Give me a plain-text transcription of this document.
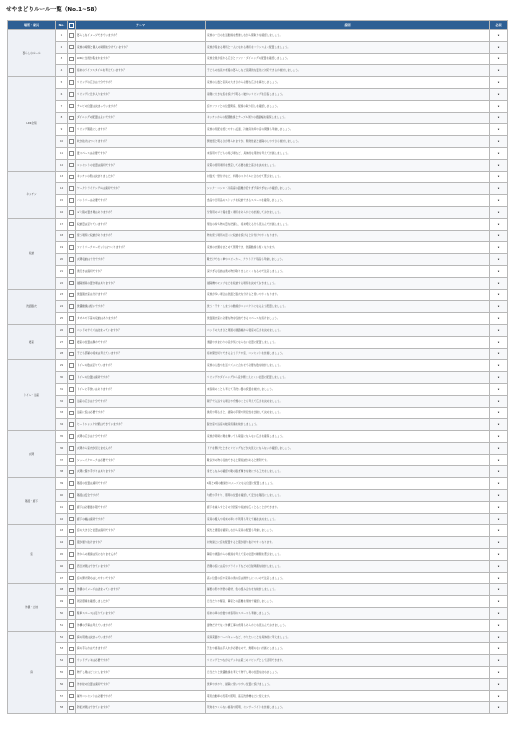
せやまどりルール一覧（No.1~58）
場所・家具	No.		テーマ	説明	必須
暮らしのルール	1		暮らしをイメージできていますか？	家族の一日の生活動線を想像しながら間取りを確認しましょう。	★
	2		家族の時間と個人の時間を分けていますか？	家族が集まる場所と一人になれる場所をバランスよく配置しましょう。	★
	3		LDKに全員が集まれますか？	家族全員が座れる広さとソファ・ダイニングの配置を確認しましょう。	★
	4		将来のライフスタイルを考えていますか？	子どもの成長や老後の暮らしなど長期的な変化に対応できるか検討しましょう。	★
LDK全般	5		リビングの広さは十分ですか？	家族の人数と家具の大きさから必要な広さを算出しましょう。	★
	6		リビングに日が入りますか？	南側に大きな窓を設けて明るく暖かいリビングを目指しましょう。	★
	7		テレビの位置は決まっていますか？	窓やソファとの位置関係、配線の取り回しを確認しましょう。	★
	8		ダイニングの配置はよいですか？	キッチンからの配膳動線とテーブル周りの通路幅を確保しましょう。	★
	9		リビング階段にしますか？	家族の気配を感じやすい反面、冷暖房効率や音の問題も考慮しましょう。	★
	10		吹き抜けはつくりますか？	開放感と明るさが得られますが、断熱性能と掃除のしやすさも検討しましょう。	★
	11		畳スペースは必要ですか？	来客用や子どもの遊び場など、具体的な用途を考えて計画しましょう。	★
	12		コンセントの位置は適切ですか？	家電の使用場所を想定して必要な数と高さを決めましょう。	★
キッチン	13		キッチンの形は決まりましたか？	対面式・壁付けなど、料理のスタイルに合わせて選びましょう。	★
	14		ワークトライアングルは適切ですか？	シンク・コンロ・冷蔵庫の距離が近すぎず遠すぎないか確認しましょう。	★
	15		パントリーは必要ですか？	食品や日用品のストックを収納できるスペースを確保しましょう。	★
	16		ゴミ箱の置き場はありますか？	分別用のゴミ箱を置く場所をあらかじめ計画しておきましょう。	★
収納	17		収納量は足りていますか？	現在の持ち物の量を把握し、将来増える分も見込んで計画しましょう。	★
	18		使う場所に収納がありますか？	物を使う場所の近くに収納を設けると片付けやすくなります。	★
	19		ファミリークローゼットはつくりますか？	家族の衣類をまとめて管理でき、洗濯動線も短くなります。	★
	20		玄関収納は十分ですか？	靴だけでなく傘やベビーカー、アウトドア用品も考慮しましょう。	★
	21		奥行きは適切ですか？	深すぎる収納は奥の物が取り出しにくくなるので注意しましょう。	★
	22		掃除道具の置き場はありますか？	掃除機やモップなどを収納する場所を決めておきましょう。	★
洗面脱衣	23		洗面脱衣室は分けますか？	家族が多い場合は洗面と脱衣を分けると使いやすくなります。	★
	24		洗濯動線は短いですか？	洗う・干す・しまうの動線がコンパクトになるよう配置しましょう。	★
	25		タオルや下着の収納はありますか？	洗面脱衣室に必要な物を収納できるスペースを設けましょう。	★
寝室	26		ベッドのサイズは決まっていますか？	ベッドの大きさと周囲の通路幅から寝室の広さを決めましょう。	★
	27		寝室の位置は静かですか？	道路や水まわりの音が気にならない位置に配置しましょう。	★
	28		子ども部屋の将来は考えていますか？	将来間仕切りできるようドアや窓、コンセントを計画しましょう。	★
トイレ・浴室	29		トイレの数は足りていますか？	家族の人数や生活リズムに合わせて必要な数を検討しましょう。	★
	30		トイレの位置は適切ですか？	リビングやダイニングから音が聞こえにくい位置に配置しましょう。	★
	31		トイレに手洗いはありますか？	来客時のことも考えて手洗い器の設置を検討しましょう。	★
	32		浴室の広さは十分ですか？	親子で入浴する場合や介護のことも考えて広さを決めましょう。	★
	33		浴室に窓は必要ですか？	換気や明るさと、掃除の手間や防犯性を比較して決めましょう。	★
	34		ヒートショック対策はできていますか？	脱衣室や浴室の暖房設備を検討しましょう。	★
玄関	35		玄関の広さは十分ですか？	家族が同時に靴を履いても窮屈にならない広さを確保しましょう。	★
	36		玄関から室内が見えませんか？	ドアを開けたときにリビングなどが丸見えにならないか確認しましょう。	★
	37		シューズクロークは必要ですか？	靴以外の物も収納できる土間収納があると便利です。	★
	38		玄関に鏡や手すりはありますか？	身だしなみの確認や靴の脱ぎ履きを楽にする工夫をしましょう。	★
階段・廊下	39		階段の位置は適切ですか？	1階と2階の動線がスムーズになる位置に配置しましょう。	★
	40		階段は安全ですか？	勾配や手すり、照明の位置を確認して安全な階段にしましょう。	★
	41		廊下は必要最小限ですか？	廊下を減らすとその分居室や収納を広くとることができます。	★
	42		廊下の幅は適切ですか？	家具の搬入や将来の車いす利用も考えて幅を決めましょう。	★
窓	43		窓の大きさと位置は適切ですか？	採光と通風を確保しながら家具の配置も考慮しましょう。	★
	44		風が通り抜けますか？	対角線上に窓を配置すると風が通り抜けやすくなります。	★
	45		外からの視線は気になりませんか？	隣家や道路からの視線を考えて窓の位置や種類を選びましょう。	★
	46		西日対策はできていますか？	西側の窓には庇やブラインドなどの日射遮蔽を検討しましょう。	★
	47		窓の開け閉めはしやすいですか？	高い位置の窓や家具の奥の窓は操作しにくいので注意しましょう。	★
外観・立地	48		外観のイメージは決まっていますか？	屋根の形や外壁の素材、色の組み合わせを検討しましょう。	★
	49		周辺環境を確認しましたか？	日当たりや騒音、隣家との距離を現地で確認しましょう。	★
	50		駐車スペースは足りていますか？	将来の車の台数や来客用のスペースも考慮しましょう。	★
	51		外構の予算は考えていますか？	建物だけでなく外構工事の費用もあらかじめ見込んでおきましょう。	★
庭	52		庭の用途は決まっていますか？	家庭菜園やバーベキューなど、やりたいことを具体的に考えましょう。	★
	53		庭の手入れはできますか？	芝生や植栽は手入れが必要なので、無理のない計画にしましょう。	★
	54		ウッドデッキは必要ですか？	リビングとつながるデッキは第二のリビングとして活用できます。	★
	55		物干し場はどこにしますか？	日当たりと洗濯動線を考えて物干し場の位置を決めましょう。	★
	56		外水栓の位置は適切ですか？	洗車や水やり、掃除に使いやすい位置に設けましょう。	★
	57		屋外コンセントは必要ですか？	電気自動車の充電や照明、高圧洗浄機などに使えます。	★
	58		防犯対策はできていますか？	死角をつくらない植栽や照明、センサーライトを計画しましょう。	★
